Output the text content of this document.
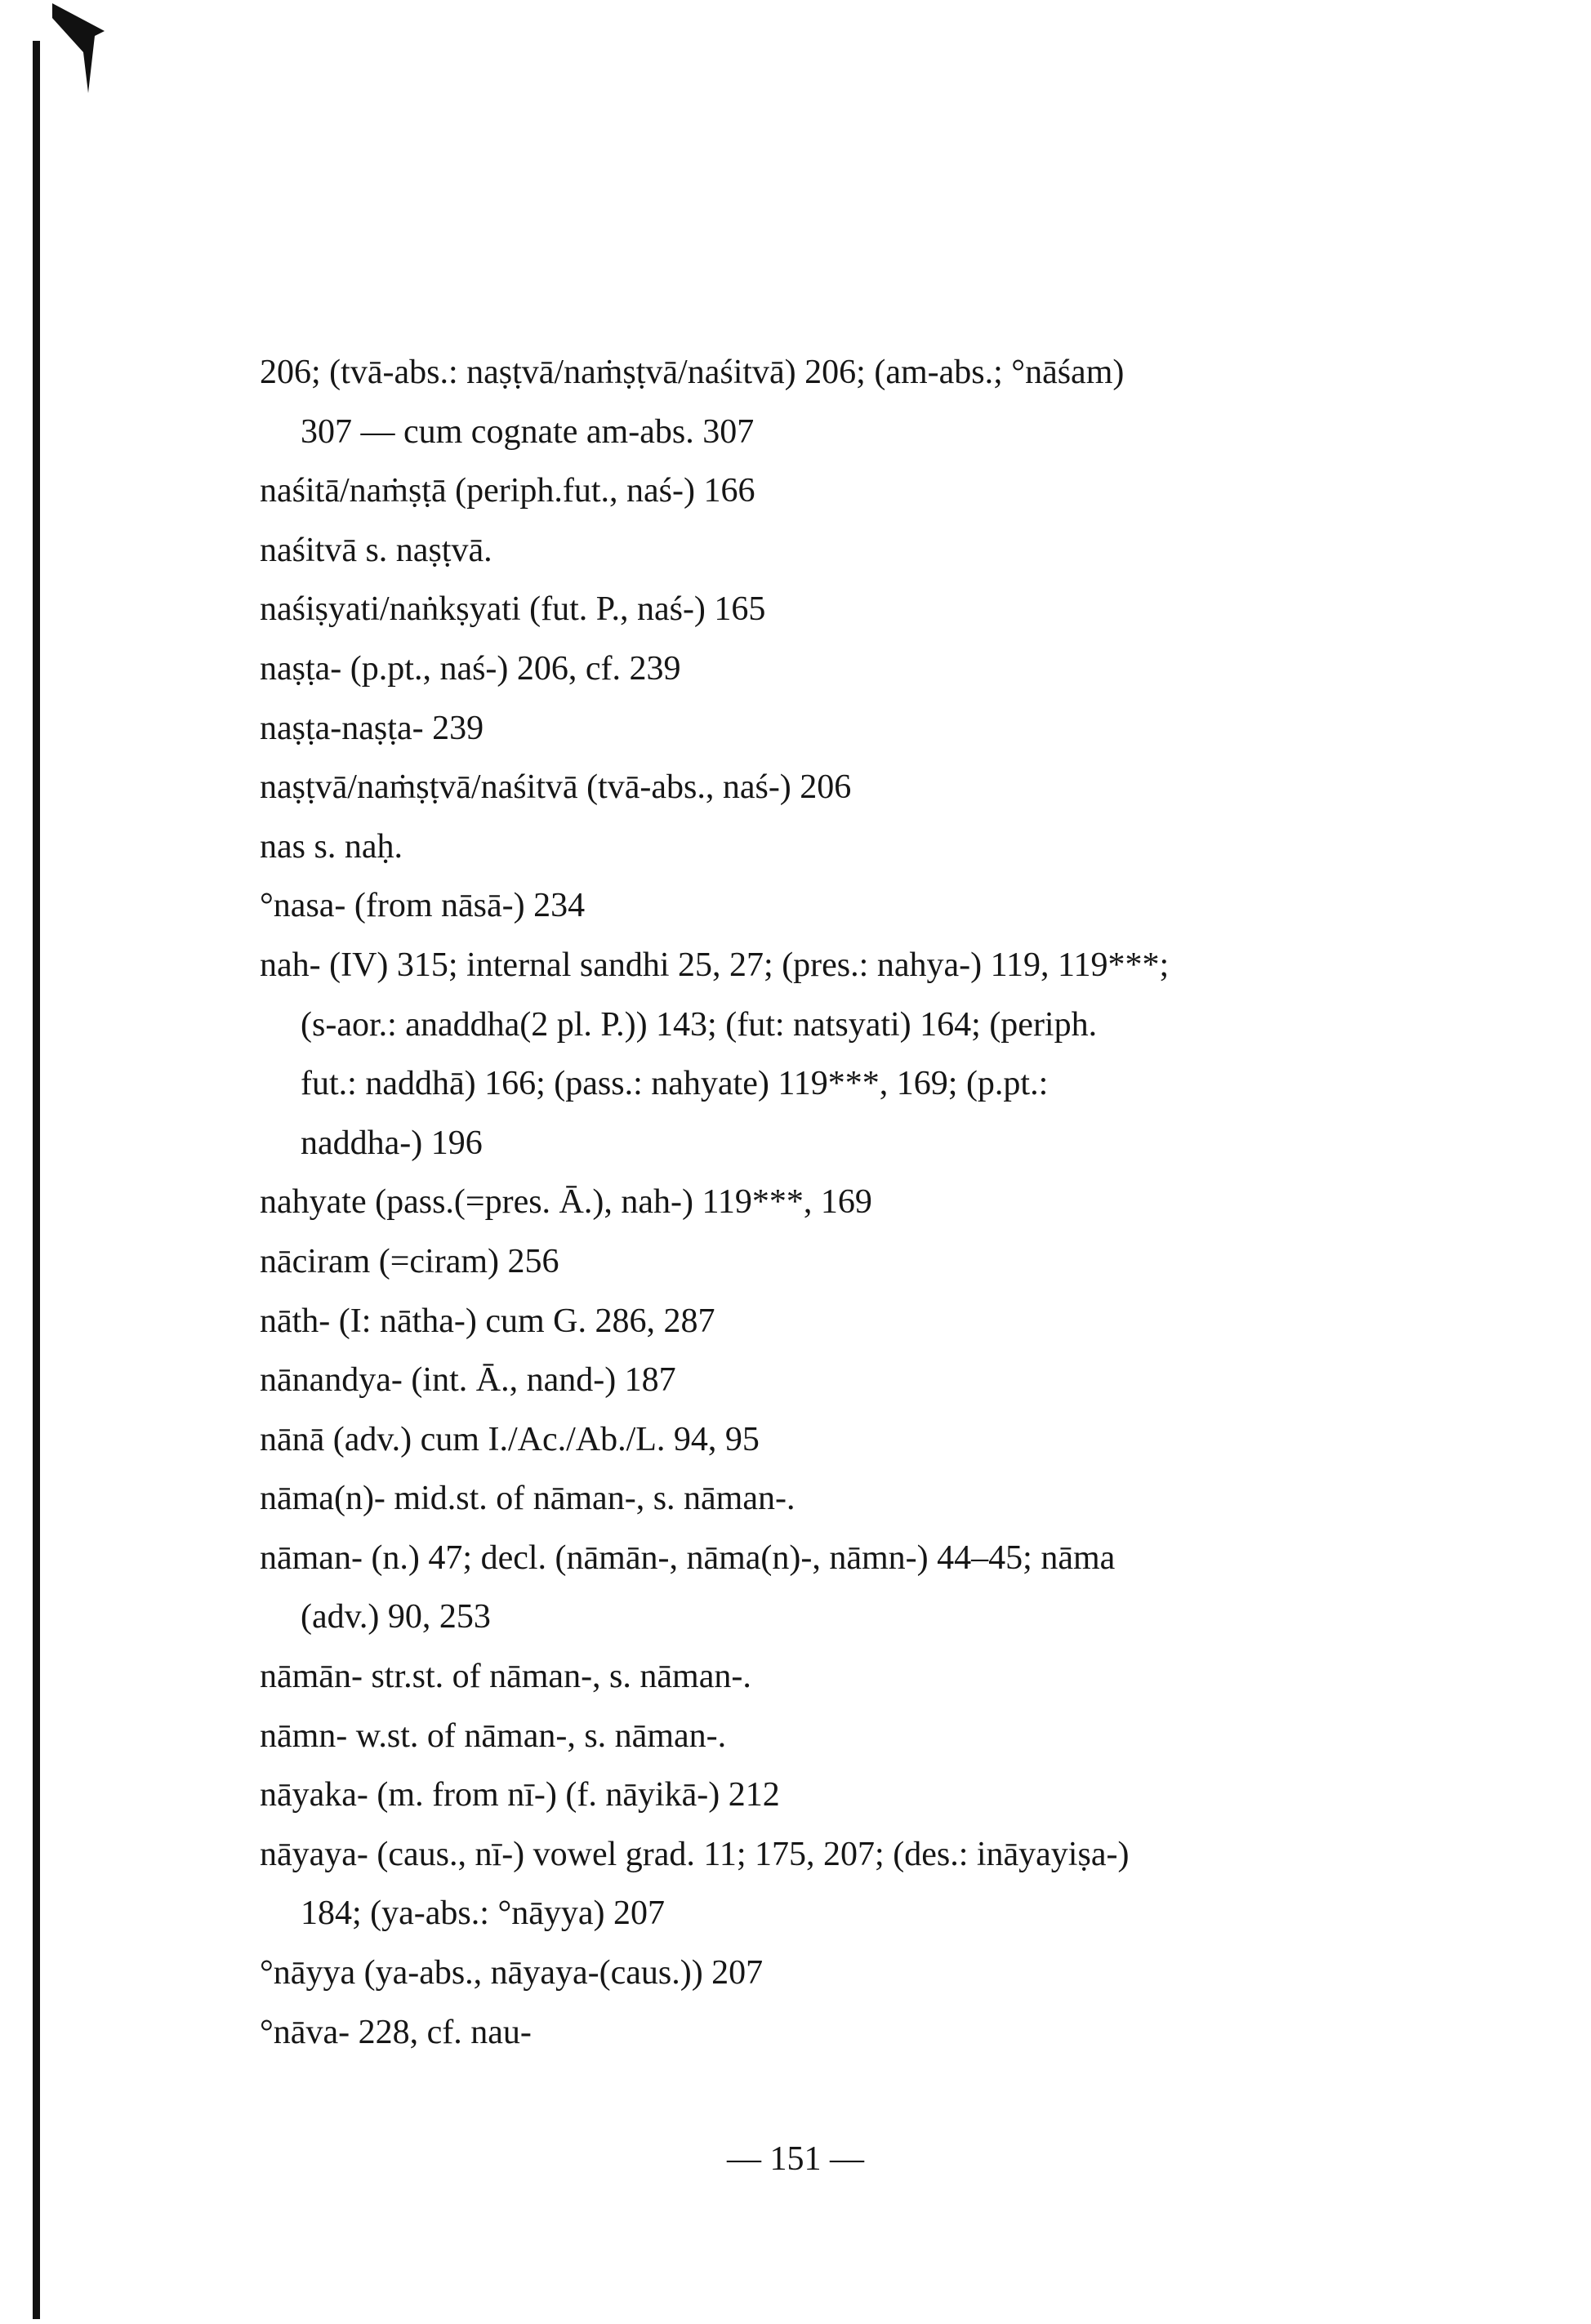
206; (tvā-abs.: naṣṭvā/naṁṣṭvā/naśitvā) 206; (am-abs.; °nāśam)
307 — cum cognate am-abs. 307
naśitā/naṁṣṭā (periph.fut., naś-) 166
naśitvā s. naṣṭvā.
naśiṣyati/naṅkṣyati (fut. P., naś-) 165
naṣṭa- (p.pt., naś-) 206, cf. 239
naṣṭa-naṣṭa- 239
naṣṭvā/naṁṣṭvā/naśitvā (tvā-abs., naś-) 206
nas s. naḥ.
°nasa- (from nāsā-) 234
nah- (IV) 315; internal sandhi 25, 27; (pres.: nahya-) 119, 119***;
(s-aor.: anaddha(2 pl. P.)) 143; (fut: natsyati) 164; (periph.
fut.: naddhā) 166; (pass.: nahyate) 119***, 169; (p.pt.:
naddha-) 196
nahyate (pass.(=pres. Ā.), nah-) 119***, 169
nāciram (=ciram) 256
nāth- (I: nātha-) cum G. 286, 287
nānandya- (int. Ā., nand-) 187
nānā (adv.) cum I./Ac./Ab./L. 94, 95
nāma(n)- mid.st. of nāman-, s. nāman-.
nāman- (n.) 47; decl. (nāmān-, nāma(n)-, nāmn-) 44–45; nāma
(adv.) 90, 253
nāmān- str.st. of nāman-, s. nāman-.
nāmn- w.st. of nāman-, s. nāman-.
nāyaka- (m. from nī-) (f. nāyikā-) 212
nāyaya- (caus., nī-) vowel grad. 11; 175, 207; (des.: ināyayiṣa-)
184; (ya-abs.: °nāyya) 207
°nāyya (ya-abs., nāyaya-(caus.)) 207
°nāva- 228, cf. nau-
— 151 —
